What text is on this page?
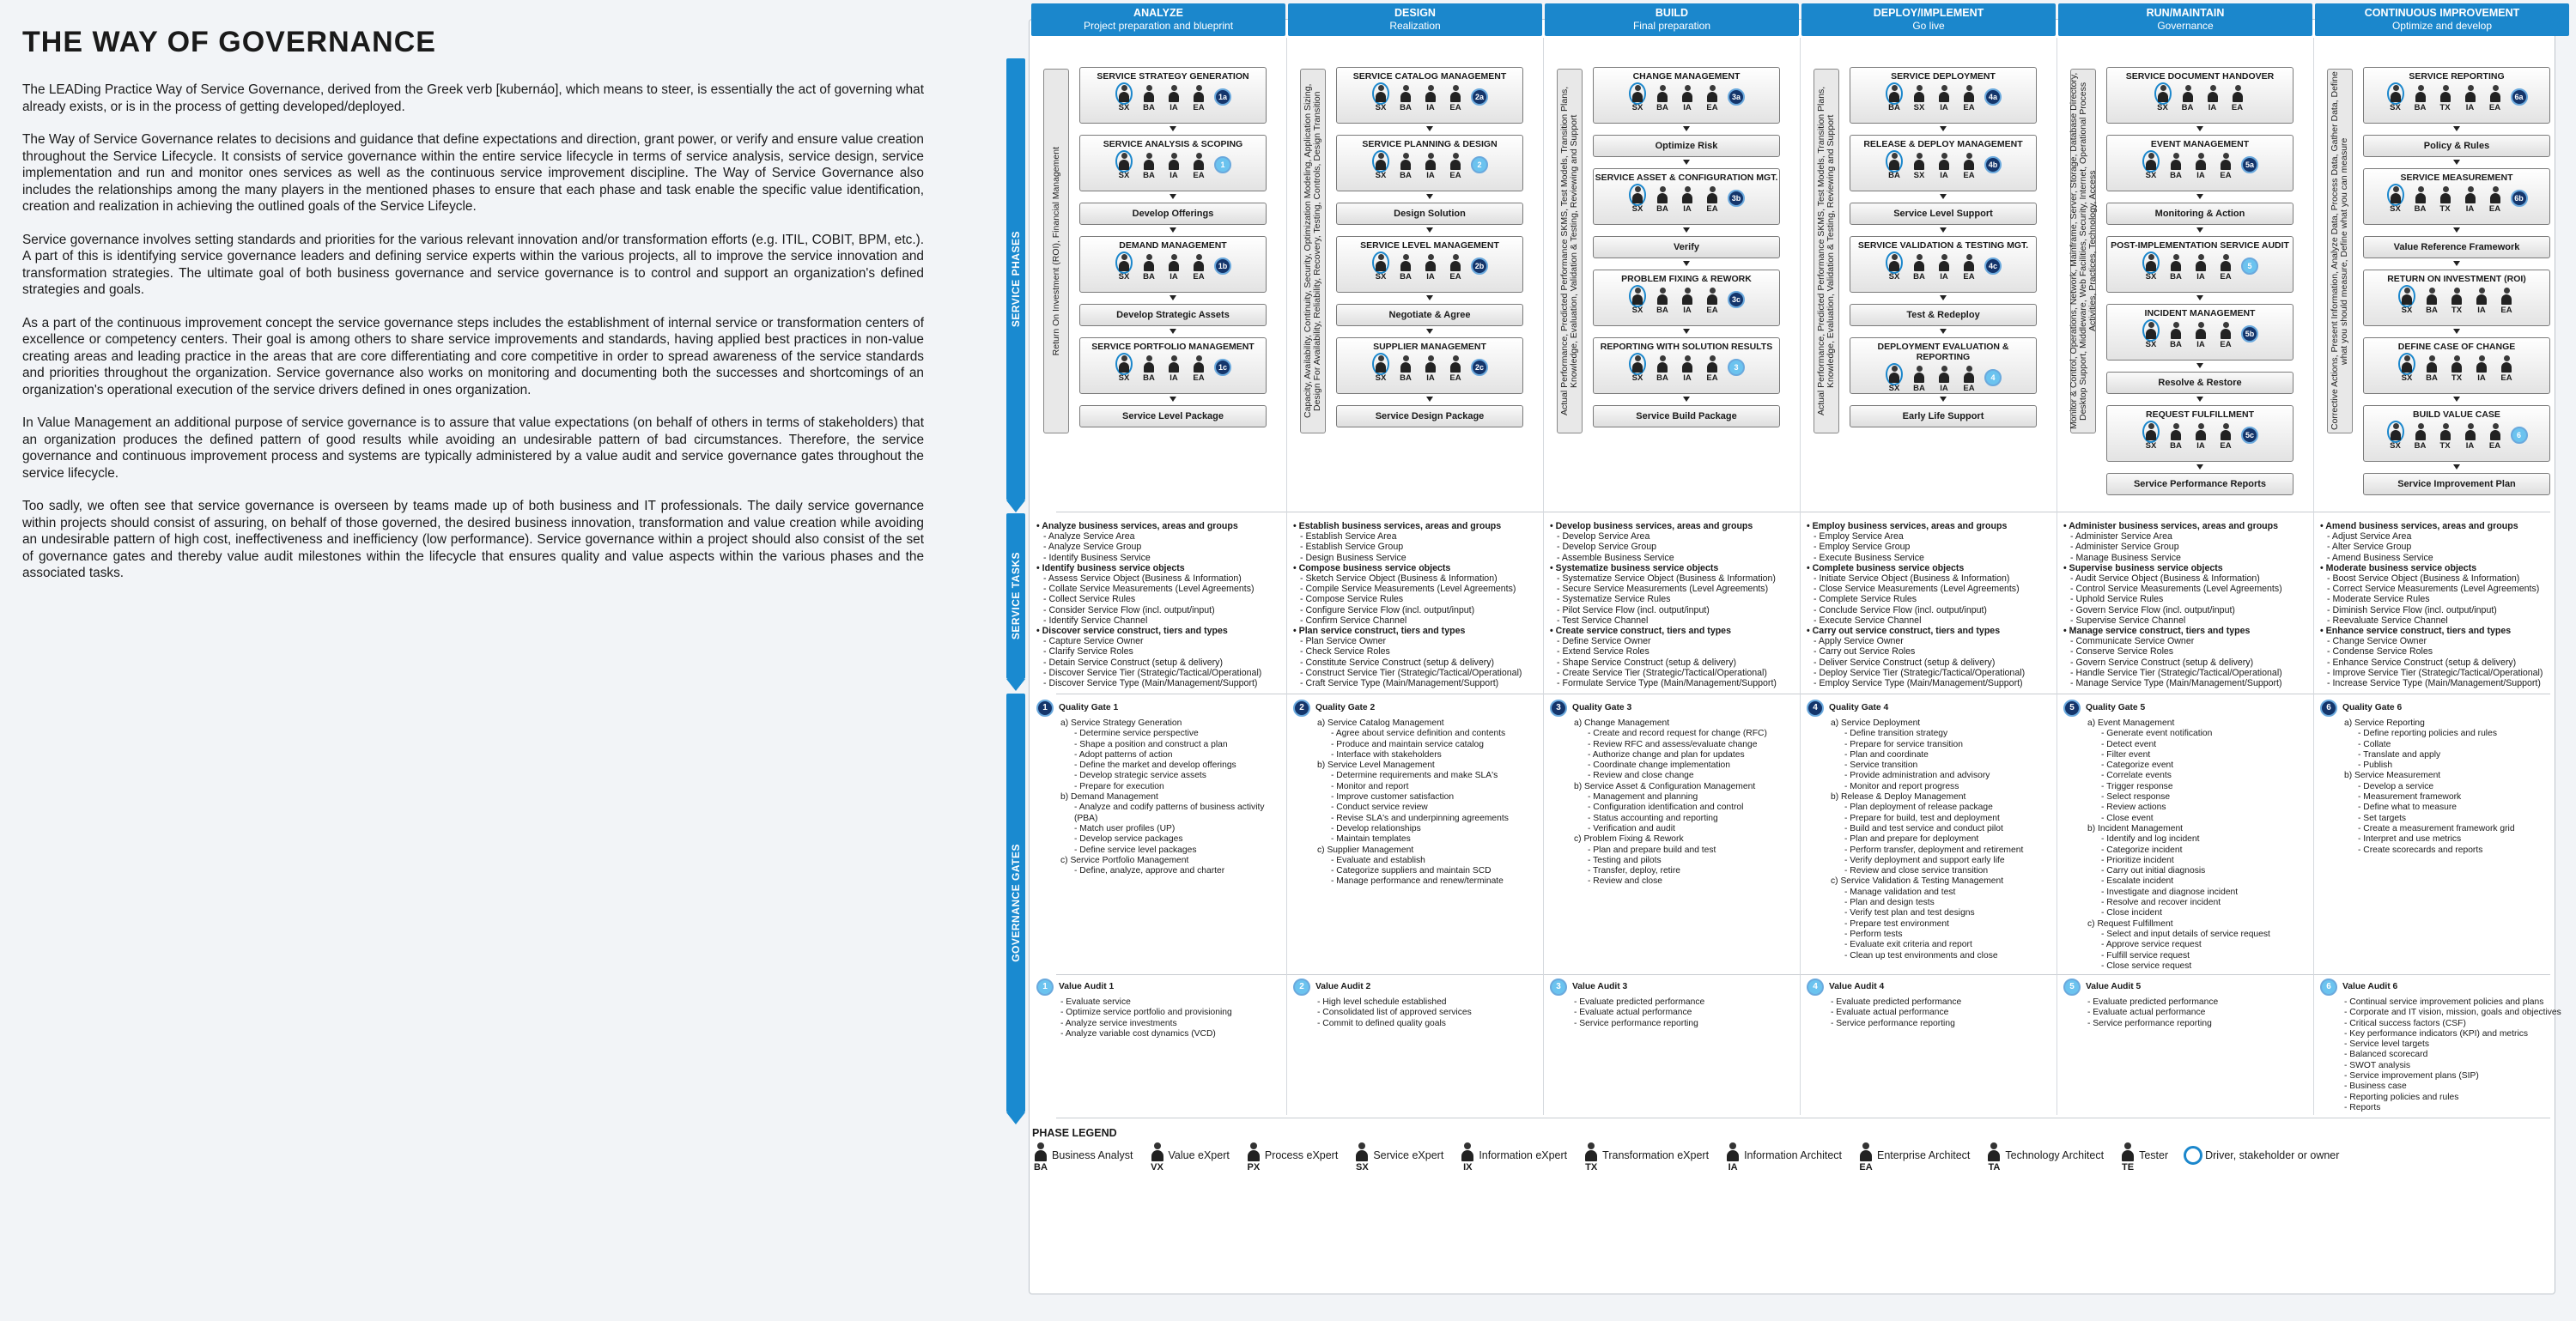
THE WAY OF GOVERNANCE

The LEADing Practice Way of Service Governance, derived from the Greek verb [kubernáo], which means to steer, is essentially the act of governing what already exists, or is in the process of getting developed/deployed.

The Way of Service Governance relates to decisions and guidance that define expectations and direction, grant power, or verify and ensure value creation throughout the Service Lifecycle. It consists of service governance within the entire service lifecycle in terms of service analysis, service design, service implementation and run and monitor ones services as well as the continuous service improvement discipline. The Way of Service Governance also includes the relationships among the many players in the mentioned phases to ensure that each phase and task enable the specific value identification, creation and realization in achieving the outlined goals of the Service Lifeycle.

Service governance involves setting standards and priorities for the various relevant innovation and/or transformation efforts (e.g. ITIL, COBIT, BPM, etc.). A part of this is identifying service governance leaders and defining service experts within the various projects, all to improve the service innovation and transformation strategies. The ultimate goal of both business governance and service governance is to control and support an organization's defined strategies and goals.

As a part of the continuous improvement concept the service governance steps includes the establishment of internal service or transformation centers of excellence or competency centers. Their goal is among others to share service improvements and standards, having applied best practices in non-value creating areas and leading practice in the areas that are core differentiating and core competitive in order to spread awareness of the service standards and priorities throughout the organization. Service governance also works on monitoring and documenting both the successes and shortcomings of an organization's operational execution of the service drivers defined in ones organization.

In Value Management an additional purpose of service governance is to assure that value expectations (on behalf of others in terms of stakeholders) that an organization produces the defined pattern of good results while avoiding an undesirable pattern of bad circumstances. Therefore, the service governance and continuous improvement process and systems are typically administered by a value audit and service governance gates throughout the service lifecycle.

Too sadly, we often see that service governance is overseen by teams made up of both business and IT professionals. The daily service governance within projects should consist of assuring, on behalf of those governed, the desired business innovation, transformation and value creation while avoiding an undesirable pattern of high cost, ineffectiveness and inefficiency (low performance). Service governance within a project should also consist of the set of governance gates and thereby value audit milestones within the lifecycle that ensures quality and value aspects within the various phases and the associated tasks.

SERVICE PHASES
SERVICE TASKS
GOVERNANCE GATES
ANALYZE
Project preparation and blueprint
Return On Investment (ROI), Financial Management
SERVICE STRATEGY GENERATION
SX	BA	IA	EA
1a
SERVICE ANALYSIS & SCOPING
SX	BA	IA	EA
1
Develop Offerings
DEMAND MANAGEMENT
SX	BA	IA	EA
1b
Develop Strategic Assets
SERVICE PORTFOLIO MANAGEMENT
SX	BA	IA	EA
1c
Service Level Package
• Analyze business services, areas and groups
- Analyze Service Area
- Analyze Service Group
- Identify Business Service
• Identify business service objects
- Assess Service Object (Business & Information)
- Collate Service Measurements (Level Agreements)
- Collect Service Rules
- Consider Service Flow (incl. output/input)
- Identify Service Channel
• Discover service construct, tiers and types
- Capture Service Owner
- Clarify Service Roles
- Detain Service Construct (setup & delivery)
- Discover Service Tier (Strategic/Tactical/Operational)
- Discover Service Type (Main/Management/Support)
1	Quality Gate 1
a) Service Strategy Generation
- Determine service perspective
- Shape a position and construct a plan
- Adopt patterns of action
- Define the market and develop offerings
- Develop strategic service assets
- Prepare for execution
b) Demand Management
- Analyze and codify patterns of business activity
(PBA)
- Match user profiles (UP)
- Develop service packages
- Define service level packages
c) Service Portfolio Management
- Define, analyze, approve and charter
1	Value Audit 1
- Evaluate service
- Optimize service portfolio and provisioning
- Analyze service investments
- Analyze variable cost dynamics (VCD)
DESIGN
Realization
Capacity, Availability, Continuity, Security, Optimization Modeling, Application Sizing, Design For Availability, Reliability, Recovery, Testing, Controls, Design Transition
SERVICE CATALOG MANAGEMENT
SX	BA	IA	EA
2a
SERVICE PLANNING & DESIGN
SX	BA	IA	EA
2
Design Solution
SERVICE LEVEL MANAGEMENT
SX	BA	IA	EA
2b
Negotiate & Agree
SUPPLIER MANAGEMENT
SX	BA	IA	EA
2c
Service Design Package
• Establish business services, areas and groups
- Establish Service Area
- Establish Service Group
- Design Business Service
• Compose business service objects
- Sketch Service Object (Business & Information)
- Compile Service Measurements (Level Agreements)
- Compose Service Rules
- Configure Service Flow (incl. output/input)
- Confirm Service Channel
• Plan service construct, tiers and types
- Plan Service Owner
- Check Service Roles
- Constitute Service Construct (setup & delivery)
- Construct Service Tier (Strategic/Tactical/Operational)
- Craft Service Type (Main/Management/Support)
2	Quality Gate 2
a) Service Catalog Management
- Agree about service definition and contents
- Produce and maintain service catalog
- Interface with stakeholders
b) Service Level Management
- Determine requirements and make SLA's
- Monitor and report
- Improve customer satisfaction
- Conduct service review
- Revise SLA's and underpinning agreements
- Develop relationships
- Maintain templates
c) Supplier Management
- Evaluate and establish
- Categorize suppliers and maintain SCD
- Manage performance and renew/terminate
2	Value Audit 2
- High level schedule established
- Consolidated list of approved services
- Commit to defined quality goals
BUILD
Final preparation
Actual Performance, Predicted Performance SKMS, Test Models, Transition Plans, Knowledge, Evaluation, Validation & Testing, Reviewing and Support
CHANGE MANAGEMENT
SX	BA	IA	EA
3a
Optimize Risk
SERVICE ASSET & CONFIGURATION MGT.
SX	BA	IA	EA
3b
Verify
PROBLEM FIXING & REWORK
SX	BA	IA	EA
3c
REPORTING WITH SOLUTION RESULTS
SX	BA	IA	EA
3
Service Build Package
• Develop business services, areas and groups
- Develop Service Area
- Develop Service Group
- Assemble Business Service
• Systematize business service objects
- Systematize Service Object (Business & Information)
- Secure Service Measurements (Level Agreements)
- Systematize Service Rules
- Pilot Service Flow (incl. output/input)
- Test Service Channel
• Create service construct, tiers and types
- Define Service Owner
- Extend Service Roles
- Shape Service Construct (setup & delivery)
- Create Service Tier (Strategic/Tactical/Operational)
- Formulate Service Type (Main/Management/Support)
3	Quality Gate 3
a) Change Management
- Create and record request for change (RFC)
- Review RFC and assess/evaluate change
- Authorize change and plan for updates
- Coordinate change implementation
- Review and close change
b) Service Asset & Configuration Management
- Management and planning
- Configuration identification and control
- Status accounting and reporting
- Verification and audit
c) Problem Fixing & Rework
- Plan and prepare build and test
- Testing and pilots
- Transfer, deploy, retire
- Review and close
3	Value Audit 3
- Evaluate predicted performance
- Evaluate actual performance
- Service performance reporting
DEPLOY/IMPLEMENT
Go live
Actual Performance, Predicted Performance SKMS, Test Models, Transition Plans, Knowledge, Evaluation, Validation & Testing, Reviewing and Support
SERVICE DEPLOYMENT
BA	SX	IA	EA
4a
RELEASE & DEPLOY MANAGEMENT
BA	SX	IA	EA
4b
Service Level Support
SERVICE VALIDATION & TESTING MGT.
SX	BA	IA	EA
4c
Test & Redeploy
DEPLOYMENT EVALUATION & REPORTING
SX	BA	IA	EA
4
Early Life Support
• Employ business services, areas and groups
- Employ Service Area
- Employ Service Group
- Execute Business Service
• Complete business service objects
- Initiate Service Object (Business & Information)
- Close Service Measurements (Level Agreements)
- Complete Service Rules
- Conclude Service Flow (incl. output/input)
- Execute Service Channel
• Carry out service construct, tiers and types
- Apply Service Owner
- Carry out Service Roles
- Deliver Service Construct (setup & delivery)
- Deploy Service Tier (Strategic/Tactical/Operational)
- Employ Service Type (Main/Management/Support)
4	Quality Gate 4
a) Service Deployment
- Define transition strategy
- Prepare for service transition
- Plan and coordinate
- Service transition
- Provide administration and advisory
- Monitor and report progress
b) Release & Deploy Management
- Plan deployment of release package
- Prepare for build, test and deployment
- Build and test service and conduct pilot
- Plan and prepare for deployment
- Perform transfer, deployment and retirement
- Verify deployment and support early life
- Review and close service transition
c) Service Validation & Testing Management
- Manage validation and test
- Plan and design tests
- Verify test plan and test designs
- Prepare test environment
- Perform tests
- Evaluate exit criteria and report
- Clean up test environments and close
4	Value Audit 4
- Evaluate predicted performance
- Evaluate actual performance
- Service performance reporting
RUN/MAINTAIN
Governance
Monitor & Control, Operations, Network, Mainframe, Server, Storage, Database Directory, Desktop Support, Middleware, Web Facilities, Security, Internet, Operational Process Activities, Practices, Technology, Access
SERVICE DOCUMENT HANDOVER
SX	BA	IA	EA
EVENT MANAGEMENT
SX	BA	IA	EA
5a
Monitoring & Action
POST-IMPLEMENTATION SERVICE AUDIT
SX	BA	IA	EA
5
INCIDENT MANAGEMENT
SX	BA	IA	EA
5b
Resolve & Restore
REQUEST FULFILLMENT
SX	BA	IA	EA
5c
Service Performance Reports
• Administer business services, areas and groups
- Administer Service Area
- Administer Service Group
- Manage Business Service
• Supervise business service objects
- Audit Service Object (Business & Information)
- Control Service Measurements (Level Agreements)
- Uphold Service Rules
- Govern Service Flow (incl. output/input)
- Supervise Service Channel
• Manage service construct, tiers and types
- Communicate Service Owner
- Conserve Service Roles
- Govern Service Construct (setup & delivery)
- Handle Service Tier (Strategic/Tactical/Operational)
- Manage Service Type (Main/Management/Support)
5	Quality Gate 5
a) Event Management
- Generate event notification
- Detect event
- Filter event
- Categorize event
- Correlate events
- Trigger response
- Select response
- Review actions
- Close event
b) Incident Management
- Identify and log incident
- Categorize incident
- Prioritize incident
- Carry out initial diagnosis
- Escalate incident
- Investigate and diagnose incident
- Resolve and recover incident
- Close incident
c) Request Fulfillment
- Select and input details of service request
- Approve service request
- Fulfill service request
- Close service request
5	Value Audit 5
- Evaluate predicted performance
- Evaluate actual performance
- Service performance reporting
CONTINUOUS IMPROVEMENT
Optimize and develop
Corrective Actions, Present Information, Analyze Data, Process Data, Gather Data, Define what you should measure, Define what you can measure
SERVICE REPORTING
SX	BA	TX	IA	EA
6a
Policy & Rules
SERVICE MEASUREMENT
SX	BA	TX	IA	EA
6b
Value Reference Framework
RETURN ON INVESTMENT (ROI)
SX	BA	TX	IA	EA
DEFINE CASE OF CHANGE
SX	BA	TX	IA	EA
BUILD VALUE CASE
SX	BA	TX	IA	EA
6
Service Improvement Plan
• Amend business services, areas and groups
- Adjust Service Area
- Alter Service Group
- Amend Business Service
• Moderate business service objects
- Boost Service Object (Business & Information)
- Correct Service Measurements (Level Agreements)
- Moderate Service Rules
- Diminish Service Flow (incl. output/input)
- Reevaluate Service Channel
• Enhance service construct, tiers and types
- Change Service Owner
- Condense Service Roles
- Enhance Service Construct (setup & delivery)
- Improve Service Tier (Strategic/Tactical/Operational)
- Increase Service Type (Main/Management/Support)
6	Quality Gate 6
a) Service Reporting
- Define reporting policies and rules
- Collate
- Translate and apply
- Publish
b) Service Measurement
- Develop a service
- Measurement framework
- Define what to measure
- Set targets
- Create a measurement framework grid
- Interpret and use metrics
- Create scorecards and reports
6	Value Audit 6
- Continual service improvement policies and plans
- Corporate and IT vision, mission, goals and objectives
- Critical success factors (CSF)
- Key performance indicators (KPI) and metrics
- Service level targets
- Balanced scorecard
- SWOT analysis
- Service improvement plans (SIP)
- Business case
- Reporting policies and rules
- Reports
PHASE LEGEND
BA
Business Analyst
VX
Value eXpert
PX
Process eXpert
SX
Service eXpert
IX
Information eXpert
TX
Transformation eXpert
IA
Information Architect
EA
Enterprise Architect
TA
Technology Architect
TE
Tester	Driver, stakeholder or owner
